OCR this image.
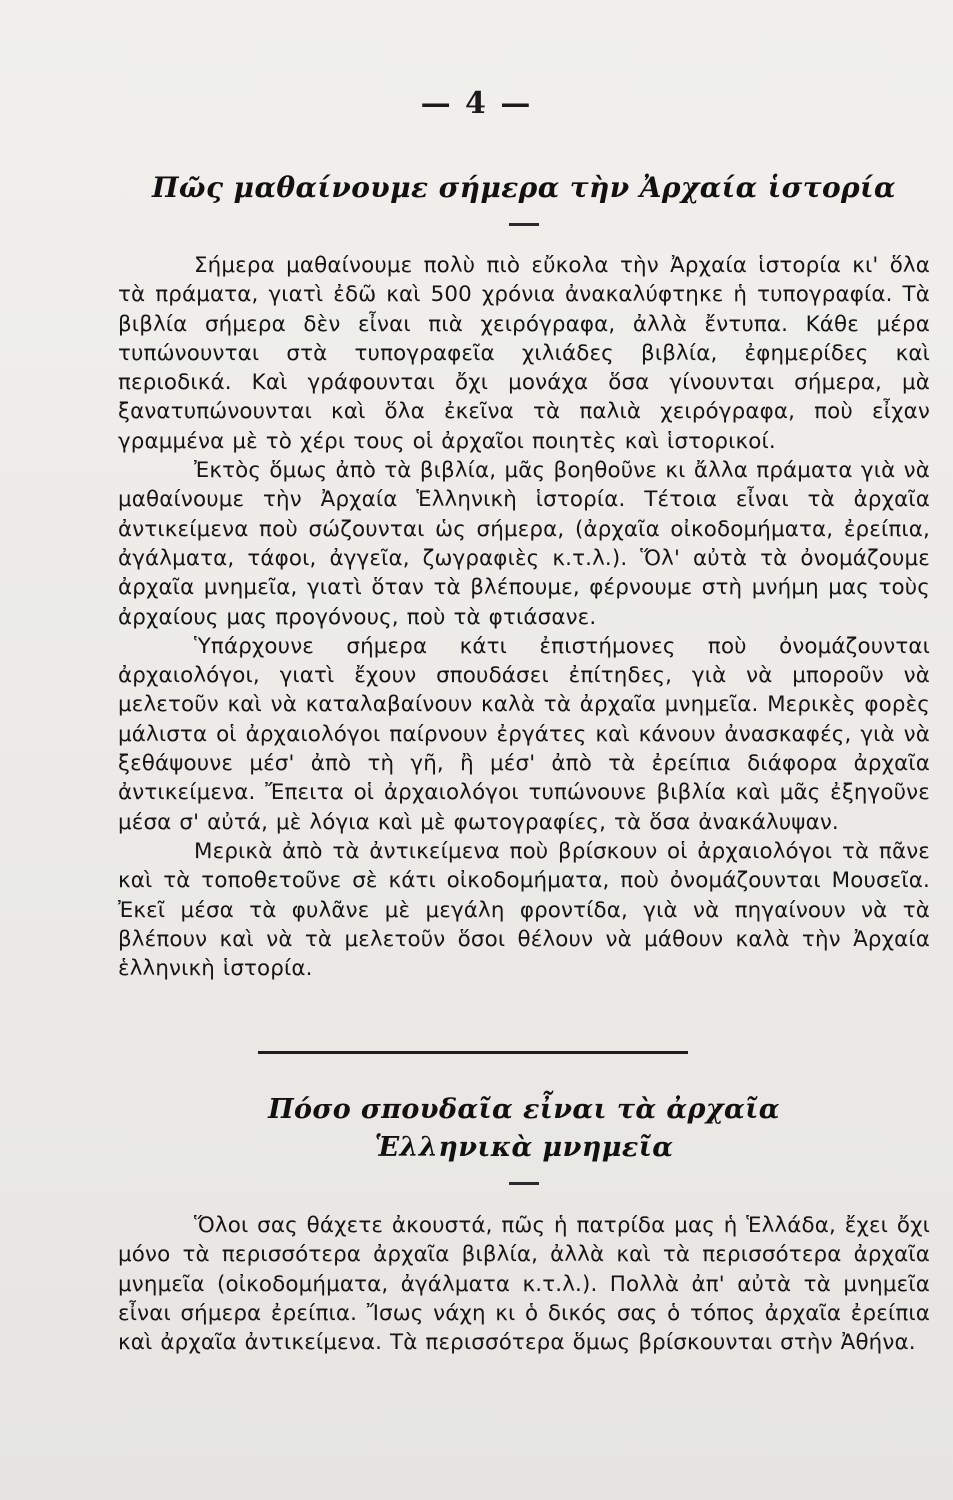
— 4 —
Πῶς μαθαίνουμε σήμερα τὴν Ἀρχαία ἱστορία

Σήμερα μαθαίνουμε πολὺ πιὸ εὔκολα τὴν Ἀρχαία ἱστορία κι' ὅλα τὰ πράματα, γιατὶ ἐδῶ καὶ 500 χρόνια ἀνακαλύφτηκε ἡ τυπογραφία. Τὰ βιβλία σήμερα δὲν εἶναι πιὰ χειρόγραφα, ἀλλὰ ἔντυπα. Κάθε μέρα τυπώνουνται στὰ τυπογραφεῖα χιλιάδες βιβλία, ἐφημερίδες καὶ περιοδικά. Καὶ γράφουνται ὄχι μονάχα ὅσα γίνουνται σήμερα, μὰ ξανατυπώνουνται καὶ ὅλα ἐκεῖνα τὰ παλιὰ χειρόγραφα, ποὺ εἶχαν γραμμένα μὲ τὸ χέρι τους οἱ ἀρχαῖοι ποιητὲς καὶ ἱστορικοί.

Ἐκτὸς ὅμως ἀπὸ τὰ βιβλία, μᾶς βοηθοῦνε κι ἄλλα πράματα γιὰ νὰ μαθαίνουμε τὴν Ἀρχαία Ἑλληνικὴ ἱστορία. Τέτοια εἶναι τὰ ἀρχαῖα ἀντικείμενα ποὺ σώζουνται ὡς σήμερα, (ἀρχαῖα οἰκοδομήματα, ἐρείπια, ἀγάλματα, τάφοι, ἀγγεῖα, ζωγραφιὲς κ.τ.λ.). Ὅλ' αὐτὰ τὰ ὀνομάζουμε ἀρχαῖα μνημεῖα, γιατὶ ὅταν τὰ βλέπουμε, φέρνουμε στὴ μνήμη μας τοὺς ἀρχαίους μας προγόνους, ποὺ τὰ φτιάσανε.

Ὑπάρχουνε σήμερα κάτι ἐπιστήμονες ποὺ ὀνομάζουνται ἀρχαιολόγοι, γιατὶ ἔχουν σπουδάσει ἐπίτηδες, γιὰ νὰ μποροῦν νὰ μελετοῦν καὶ νὰ καταλαβαίνουν καλὰ τὰ ἀρχαῖα μνημεῖα. Μερικὲς φορὲς μάλιστα οἱ ἀρχαιολόγοι παίρνουν ἐργάτες καὶ κάνουν ἀνασκαφές, γιὰ νὰ ξεθάψουνε μέσ' ἀπὸ τὴ γῆ, ἢ μέσ' ἀπὸ τὰ ἐρείπια διάφορα ἀρχαῖα ἀντικείμενα. Ἔπειτα οἱ ἀρχαιολόγοι τυπώνουνε βιβλία καὶ μᾶς ἐξηγοῦνε μέσα σ' αὐτά, μὲ λόγια καὶ μὲ φωτογραφίες, τὰ ὅσα ἀνακάλυψαν.

Μερικὰ ἀπὸ τὰ ἀντικείμενα ποὺ βρίσκουν οἱ ἀρχαιολόγοι τὰ πᾶνε καὶ τὰ τοποθετοῦνε σὲ κάτι οἰκοδομήματα, ποὺ ὀνομάζουνται Μουσεῖα. Ἐκεῖ μέσα τὰ φυλᾶνε μὲ μεγάλη φροντίδα, γιὰ νὰ πηγαίνουν νὰ τὰ βλέπουν καὶ νὰ τὰ μελετοῦν ὅσοι θέλουν νὰ μάθουν καλὰ τὴν Ἀρχαία ἑλληνικὴ ἱστορία.

Πόσο σπουδαῖα εἶναι τὰ ἀρχαῖα
Ἑλληνικὰ μνημεῖα

Ὅλοι σας θάχετε ἀκουστά, πῶς ἡ πατρίδα μας ἡ Ἑλλάδα, ἔχει ὄχι μόνο τὰ περισσότερα ἀρχαῖα βιβλία, ἀλλὰ καὶ τὰ περισσότερα ἀρχαῖα μνημεῖα (οἰκοδομήματα, ἀγάλματα κ.τ.λ.). Πολλὰ ἀπ' αὐτὰ τὰ μνημεῖα εἶναι σήμερα ἐρείπια. Ἴσως νάχη κι ὁ δικός σας ὁ τόπος ἀρχαῖα ἐρείπια καὶ ἀρχαῖα ἀντικείμενα. Τὰ περισσότερα ὅμως βρίσκουνται στὴν Ἀθήνα.
